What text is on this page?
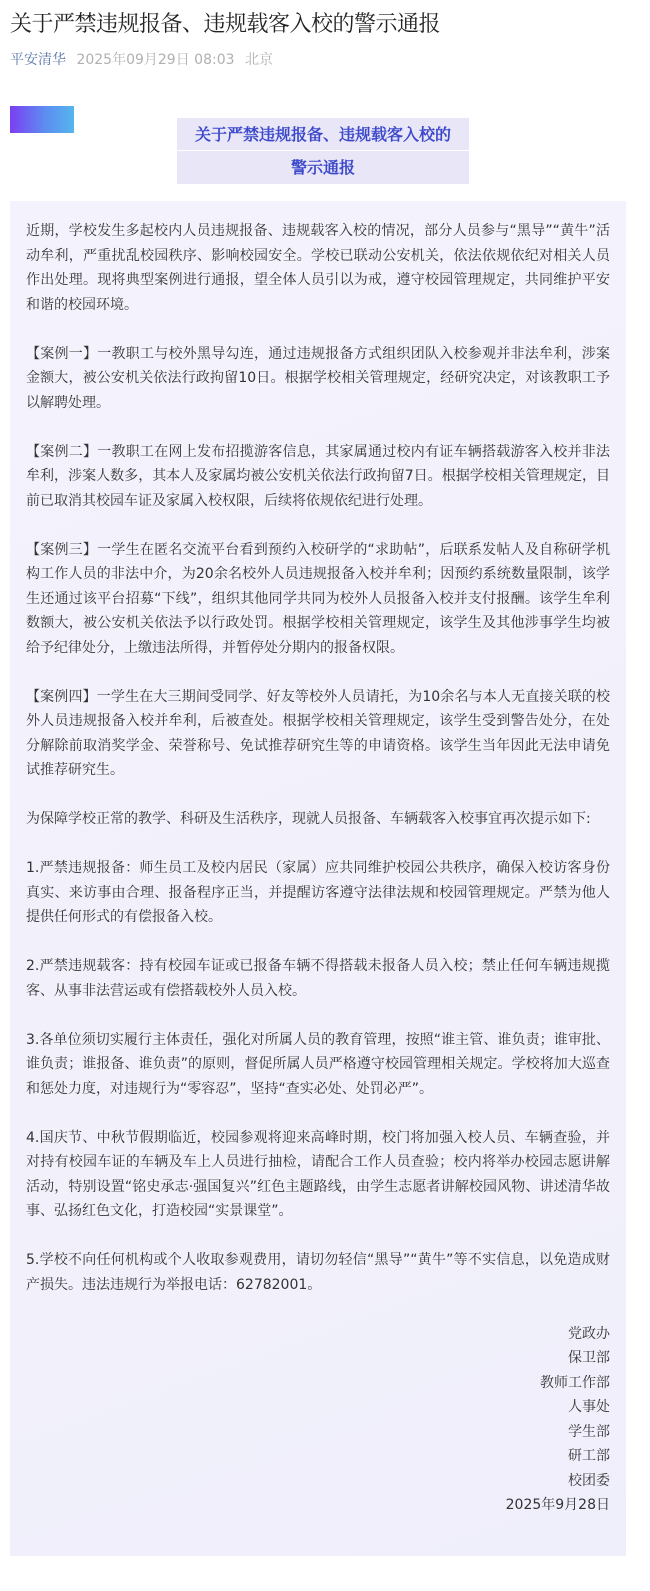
关于严禁违规报备、违规载客入校的警示通报
平安清华 2025年09月29日 08:03 北京
关于严禁违规报备、违规载客入校的
警示通报

近期，学校发生多起校内人员违规报备、违规载客入校的情况，部分人员参与“黑导”“黄牛”活动牟利，严重扰乱校园秩序、影响校园安全。学校已联动公安机关，依法依规依纪对相关人员作出处理。现将典型案例进行通报，望全体人员引以为戒，遵守校园管理规定，共同维护平安和谐的校园环境。

【案例一】一教职工与校外黑导勾连，通过违规报备方式组织团队入校参观并非法牟利，涉案金额大，被公安机关依法行政拘留10日。根据学校相关管理规定，经研究决定，对该教职工予以解聘处理。

【案例二】一教职工在网上发布招揽游客信息，其家属通过校内有证车辆搭载游客入校并非法牟利，涉案人数多，其本人及家属均被公安机关依法行政拘留7日。根据学校相关管理规定，目前已取消其校园车证及家属入校权限，后续将依规依纪进行处理。

【案例三】一学生在匿名交流平台看到预约入校研学的“求助帖”，后联系发帖人及自称研学机构工作人员的非法中介，为20余名校外人员违规报备入校并牟利；因预约系统数量限制，该学生还通过该平台招募“下线”，组织其他同学共同为校外人员报备入校并支付报酬。该学生牟利数额大，被公安机关依法予以行政处罚。根据学校相关管理规定，该学生及其他涉事学生均被给予纪律处分，上缴违法所得，并暂停处分期内的报备权限。

【案例四】一学生在大三期间受同学、好友等校外人员请托，为10余名与本人无直接关联的校外人员违规报备入校并牟利，后被查处。根据学校相关管理规定，该学生受到警告处分，在处分解除前取消奖学金、荣誉称号、免试推荐研究生等的申请资格。该学生当年因此无法申请免试推荐研究生。

为保障学校正常的教学、科研及生活秩序，现就人员报备、车辆载客入校事宜再次提示如下:

1.严禁违规报备：师生员工及校内居民（家属）应共同维护校园公共秩序，确保入校访客身份真实、来访事由合理、报备程序正当，并提醒访客遵守法律法规和校园管理规定。严禁为他人提供任何形式的有偿报备入校。

2.严禁违规载客：持有校园车证或已报备车辆不得搭载未报备人员入校；禁止任何车辆违规揽客、从事非法营运或有偿搭载校外人员入校。

3.各单位须切实履行主体责任，强化对所属人员的教育管理，按照“谁主管、谁负责；谁审批、谁负责；谁报备、谁负责”的原则，督促所属人员严格遵守校园管理相关规定。学校将加大巡查和惩处力度，对违规行为“零容忍”，坚持“查实必处、处罚必严”。

4.国庆节、中秋节假期临近，校园参观将迎来高峰时期，校门将加强入校人员、车辆查验，并对持有校园车证的车辆及车上人员进行抽检，请配合工作人员查验；校内将举办校园志愿讲解活动，特别设置“铭史承志·强国复兴”红色主题路线，由学生志愿者讲解校园风物、讲述清华故事、弘扬红色文化，打造校园“实景课堂”。

5.学校不向任何机构或个人收取参观费用，请切勿轻信“黑导”“黄牛”等不实信息，以免造成财产损失。违法违规行为举报电话：62782001。

党政办
保卫部
教师工作部
人事处
学生部
研工部
校团委
2025年9月28日
